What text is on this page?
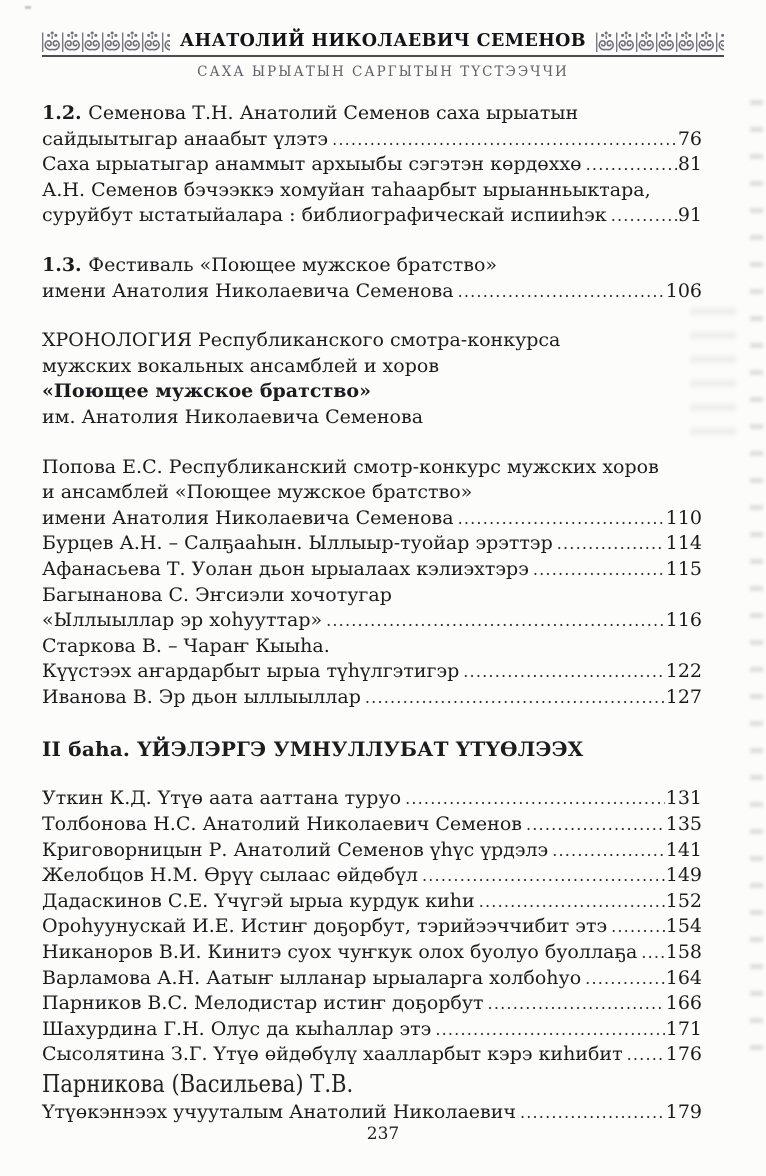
АНАТОЛИЙ НИКОЛАЕВИЧ СЕМЕНОВ
САХА ЫРЫАТЫН САРГЫТЫН ТҮСТЭЭЧЧИ
1.2. Семенова Т.Н. Анатолий Семенов саха ырыатын
сайдыытыгар анаабыт үлэтэ .....	76
Саха ырыатыгар анаммыт архыыбы сэгэтэн көрдөххө .....	81
А.Н. Семенов бэчээккэ хомуйан таһаарбыт ырыанньыктара,
суруйбут ыстатыйалара : библиографическай испииһэк .....	91
1.3. Фестиваль «Поющее мужское братство»
имени Анатолия Николаевича Семенова .....	106
ХРОНОЛОГИЯ Республиканского смотра-конкурса
мужских вокальных ансамблей и хоров
«Поющее мужское братство»
им. Анатолия Николаевича Семенова
Попова Е.С. Республиканский смотр-конкурс мужских хоров
и ансамблей «Поющее мужское братство»
имени Анатолия Николаевича Семенова .....	110
Бурцев А.Н. – Салҕааһын. Ыллыыр-туойар эрэттэр .....	114
Афанасьева Т. Уолан дьон ырыалаах кэлиэхтэрэ .....	115
Багынанова С. Эҥсиэли хочотугар
«Ыллыыллар эр хоһууттар» .....	116
Старкова В. – Чараҥ Кыыһа.
Күүстээх аҥардарбыт ырыа түһүлгэтигэр .....	122
Иванова В. Эр дьон ыллыыллар .....	127
II баһа. ҮЙЭЛЭРГЭ УМНУЛЛУБАТ ҮТҮӨЛЭЭХ
Уткин К.Д. Үтүө аата ааттана туруо .....	131
Толбонова Н.С. Анатолий Николаевич Семенов .....	135
Криговорницын Р. Анатолий Семенов үһүс үрдэлэ .....	141
Желобцов Н.М. Өрүү сылаас өйдөбүл .....	149
Дадаскинов С.Е. Үчүгэй ырыа курдук киһи .....	152
Ороһуунускай И.Е. Истиҥ доҕорбут, тэрийээччибит этэ .....	154
Никаноров В.И. Кинитэ суох чуҥкук олох буолуо буоллаҕа ..... 158
Варламова А.Н. Аатыҥ ылланар ырыаларга холбоһуо .....	164
Парников В.С. Мелодистар истиҥ доҕорбут .....	166
Шахурдина Г.Н. Олус да кыһаллар этэ .....	171
Сысолятина З.Г. Үтүө өйдөбүлү хаалларбыт кэрэ киһибит ..... 176
Парникова (Васильева) Т.В.
Үтүөкэннээх учууталым Анатолий Николаевич .....	179
237
